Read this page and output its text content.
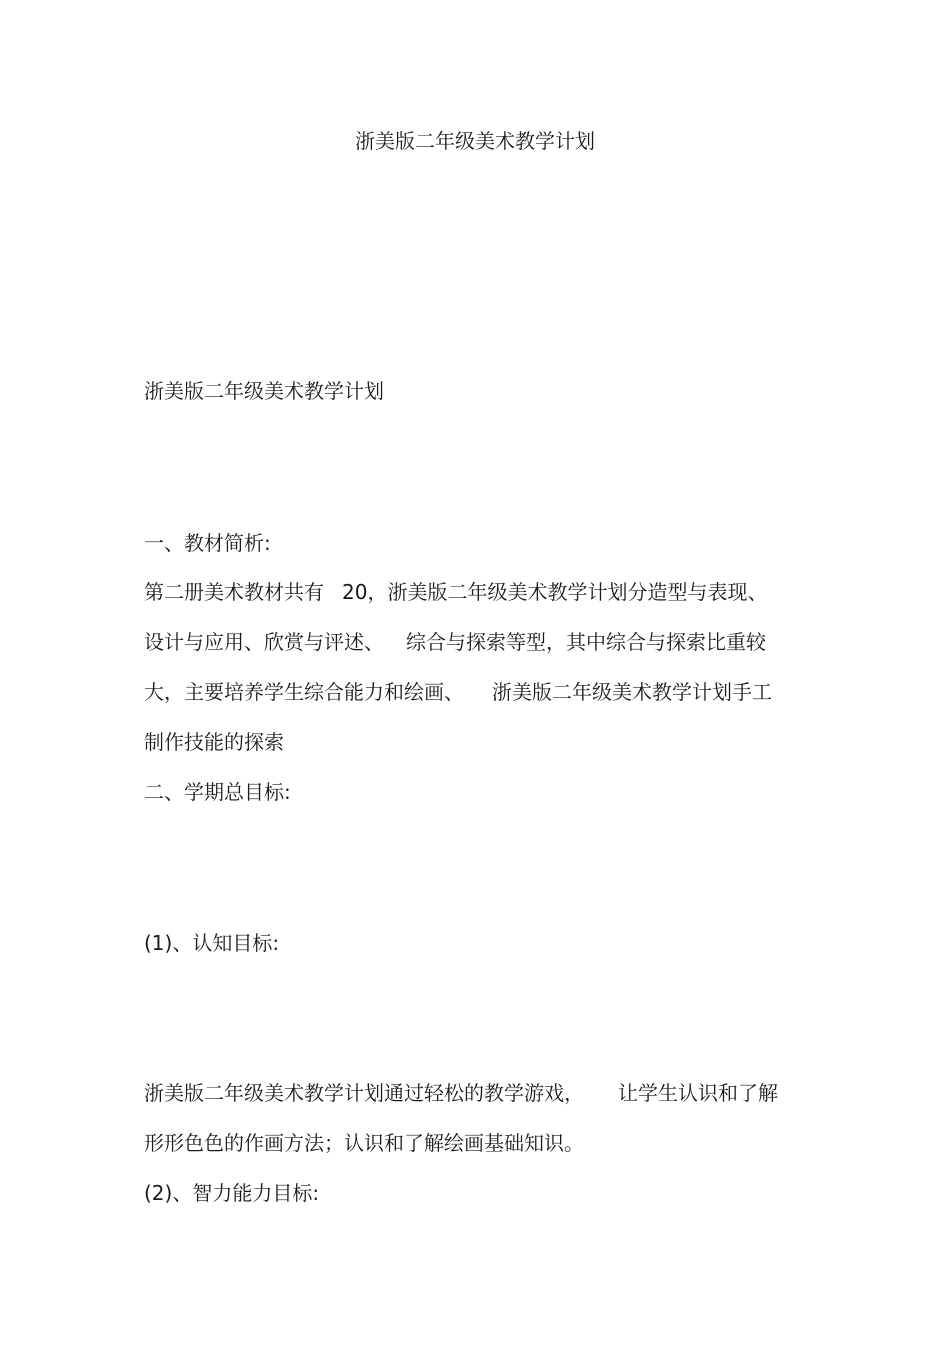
浙美版二年级美术教学计划
浙美版二年级美术教学计划
一、教材简析:
第二册美术教材共有 20，浙美版二年级美术教学计划分造型与表现、
设计与应用、欣赏与评述、 综合与探索等型，其中综合与探索比重较
大，主要培养学生综合能力和绘画、 浙美版二年级美术教学计划手工
制作技能的探索
二、学期总目标:
(1)、认知目标:
浙美版二年级美术教学计划通过轻松的教学游戏， 让学生认识和了解
形形色色的作画方法；认识和了解绘画基础知识。
(2)、智力能力目标:
